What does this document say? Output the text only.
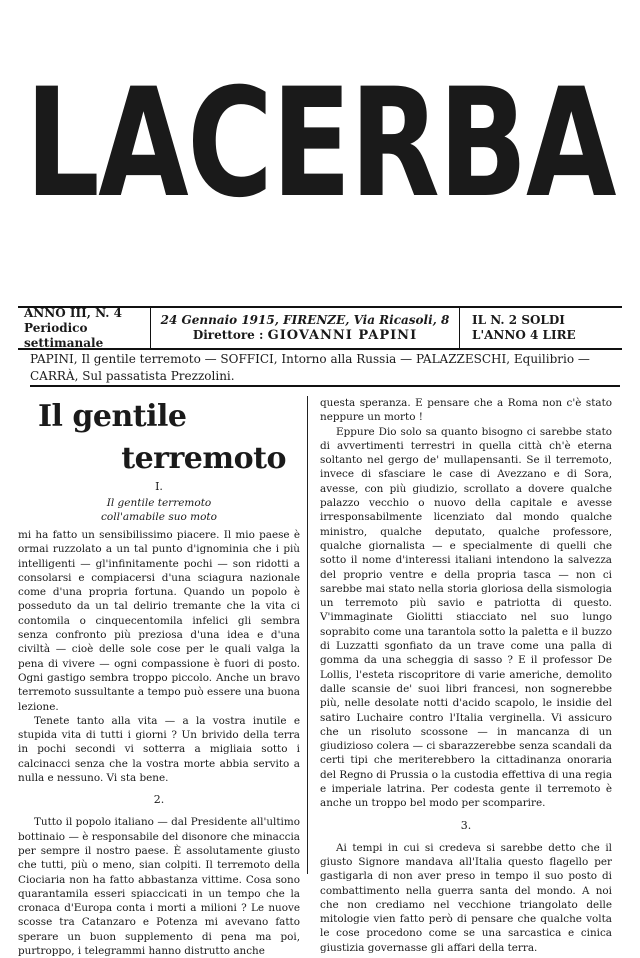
LACERBA
ANNO III, N. 4
Periodico settimanale
24 Gennaio 1915, FIRENZE, Via Ricasoli, 8
Direttore : GIOVANNI PAPINI
IL N. 2 SOLDI
L'ANNO 4 LIRE
PAPINI, Il gentile terremoto — SOFFICI, Intorno alla Russia — PALAZZESCHI, Equilibrio — CARRÀ, Sul passatista Prezzolini.
Il gentile
terremoto

I.

Il gentile terremoto
coll'amabile suo moto

mi ha fatto un sensibilissimo piacere. Il mio paese è ormai ruzzolato a un tal punto d'ignominia che i più intelligenti — gl'infinitamente pochi — son ridotti a consolarsi e compiacersi d'una sciagura nazionale come d'una propria fortuna. Quando un popolo è posseduto da un tal delirio tremante che la vita ci contomila o cinquecentomila infelici gli sembra senza confronto più preziosa d'una idea e d'una civiltà — cioè delle sole cose per le quali valga la pena di vivere — ogni compassione è fuori di posto. Ogni gastigo sembra troppo piccolo. Anche un bravo terremoto sussultante a tempo può essere una buona lezione.

Tenete tanto alla vita — a la vostra inutile e stupida vita di tutti i giorni ? Un brivido della terra in pochi secondi vi sotterra a migliaia sotto i calcinacci senza che la vostra morte abbia servito a nulla e nessuno. Vi sta bene.

2.

Tutto il popolo italiano — dal Presidente all'ultimo bottinaio — è responsabile del disonore che minaccia per sempre il nostro paese. È assolutamente giusto che tutti, più o meno, sian colpiti. Il terremoto della Ciociaria non ha fatto abbastanza vittime. Cosa sono quarantamila esseri spiaccicati in un tempo che la cronaca d'Europa conta i morti a milioni ? Le nuove scosse tra Catanzaro e Potenza mi avevano fatto sperare un buon supplemento di pena ma poi, purtroppo, i telegrammi hanno distrutto anche

questa speranza. E pensare che a Roma non c'è stato neppure un morto !

Eppure Dio solo sa quanto bisogno ci sarebbe stato di avvertimenti terrestri in quella città ch'è eterna soltanto nel gergo de' mullapensanti. Se il terremoto, invece di sfasciare le case di Avezzano e di Sora, avesse, con più giudizio, scrollato a dovere qualche palazzo vecchio o nuovo della capitale e avesse irresponsabilmente licenziato dal mondo qualche ministro, qualche deputato, qualche professore, qualche giornalista — e specialmente di quelli che sotto il nome d'interessi italiani intendono la salvezza del proprio ventre e della propria tasca — non ci sarebbe mai stato nella storia gloriosa della sismologia un terremoto più savio e patriotta di questo. V'immaginate Giolitti stiacciato nel suo lungo soprabito come una tarantola sotto la paletta e il buzzo di Luzzatti sgonfiato da un trave come una palla di gomma da una scheggia di sasso ? E il professor De Lollis, l'esteta riscopritore di varie americhe, demolito dalle scansie de' suoi libri francesi, non sognerebbe più, nelle desolate notti d'acido scapolo, le insidie del satiro Luchaire contro l'Italia verginella. Vi assicuro che un risoluto scossone — in mancanza di un giudizioso colera — ci sbarazzerebbe senza scandali da certi tipi che meriterebbero la cittadinanza onoraria del Regno di Prussia o la custodia effettiva di una regia e imperiale latrina. Per codesta gente il terremoto è anche un troppo bel modo per scomparire.

3.

Ai tempi in cui si credeva si sarebbe detto che il giusto Signore mandava all'Italia questo flagello per gastigarla di non aver preso in tempo il suo posto di combattimento nella guerra santa del mondo. A noi che non crediamo nel vecchione triangolato delle mitologie vien fatto però di pensare che qualche volta le cose procedono come se una sarcastica e cinica giustizia governasse gli affari della terra.
